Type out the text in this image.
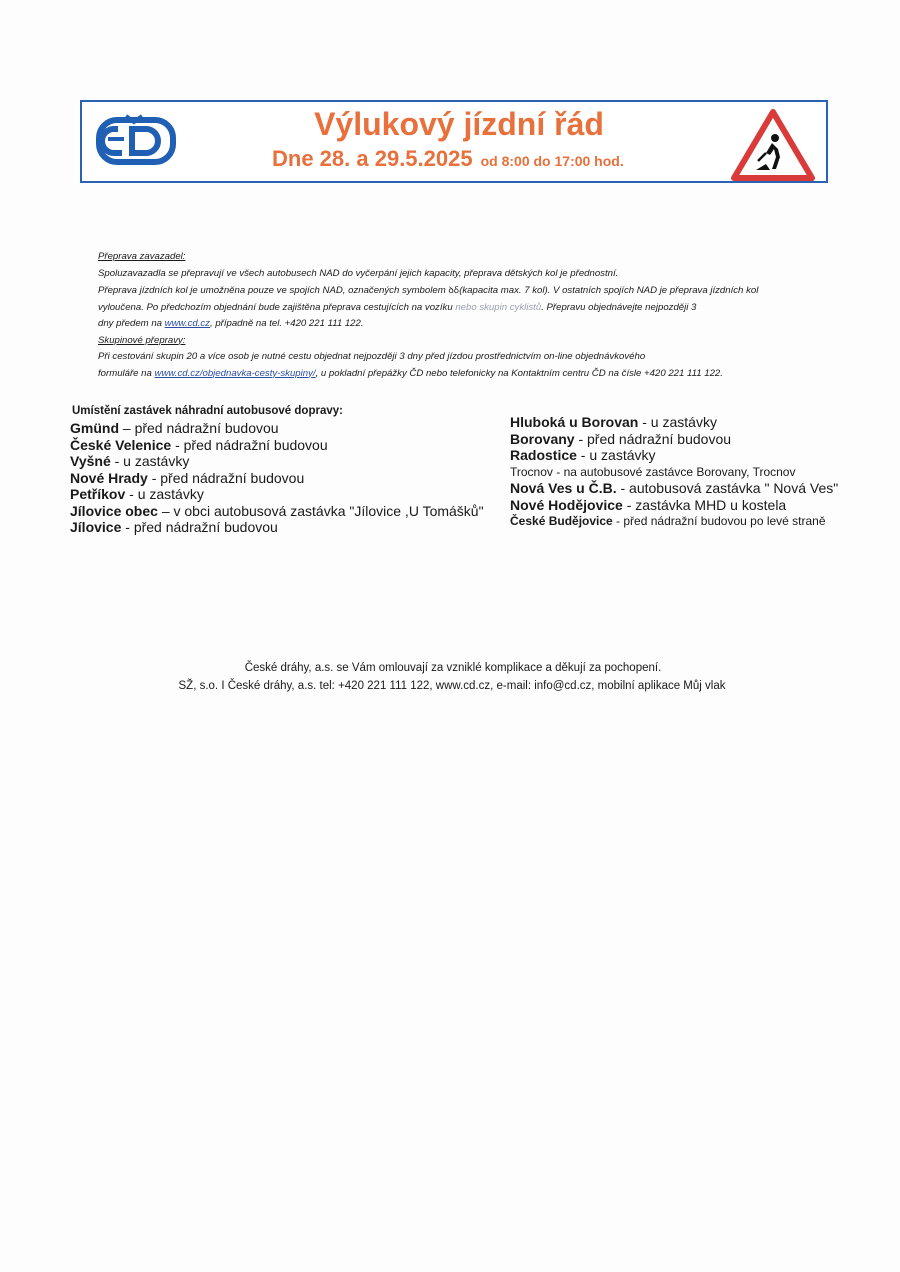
Výlukový jízdní řád
Dne 28. a 29.5.2025 od 8:00 do 17:00 hod.

Přeprava zavazadel:

Spoluzavazadla se přepravují ve všech autobusech NAD do vyčerpání jejich kapacity, přeprava dětských kol je přednostní.

Přeprava jízdních kol je umožněna pouze ve spojích NAD, označených symbolem ꝺẟ(kapacita max. 7 kol). V ostatních spojích NAD je přeprava jízdních kol

vyloučena. Po předchozím objednání bude zajištěna přeprava cestujících na vozíku nebo skupin cyklistů. Přepravu objednávejte nejpozději 3

dny předem na www.cd.cz, případně na tel. +420 221 111 122.

Skupinové přepravy:

Při cestování skupin 20 a více osob je nutné cestu objednat nejpozději 3 dny před jízdou prostřednictvím on-line objednávkového

formuláře na www.cd.cz/objednavka-cesty-skupiny/, u pokladní přepážky ČD nebo telefonicky na Kontaktním centru ČD na čísle +420 221 111 122.

Umístění zastávek náhradní autobusové dopravy:
Gmünd – před nádražní budovou
České Velenice - před nádražní budovou
Vyšné - u zastávky
Nové Hrady - před nádražní budovou
Petříkov - u zastávky
Jílovice obec – v obci autobusová zastávka "Jílovice ,U Tomášků"
Jílovice - před nádražní budovou
Hluboká u Borovan - u zastávky
Borovany - před nádražní budovou
Radostice - u zastávky
Trocnov - na autobusové zastávce Borovany, Trocnov
Nová Ves u Č.B. - autobusová zastávka " Nová Ves"
Nové Hodějovice - zastávka MHD u kostela
České Budějovice - před nádražní budovou po levé straně
České dráhy, a.s. se Vám omlouvají za vzniklé komplikace a děkují za pochopení.
SŽ, s.o. I České dráhy, a.s. tel: +420 221 111 122, www.cd.cz, e-mail: info@cd.cz, mobilní aplikace Můj vlak
